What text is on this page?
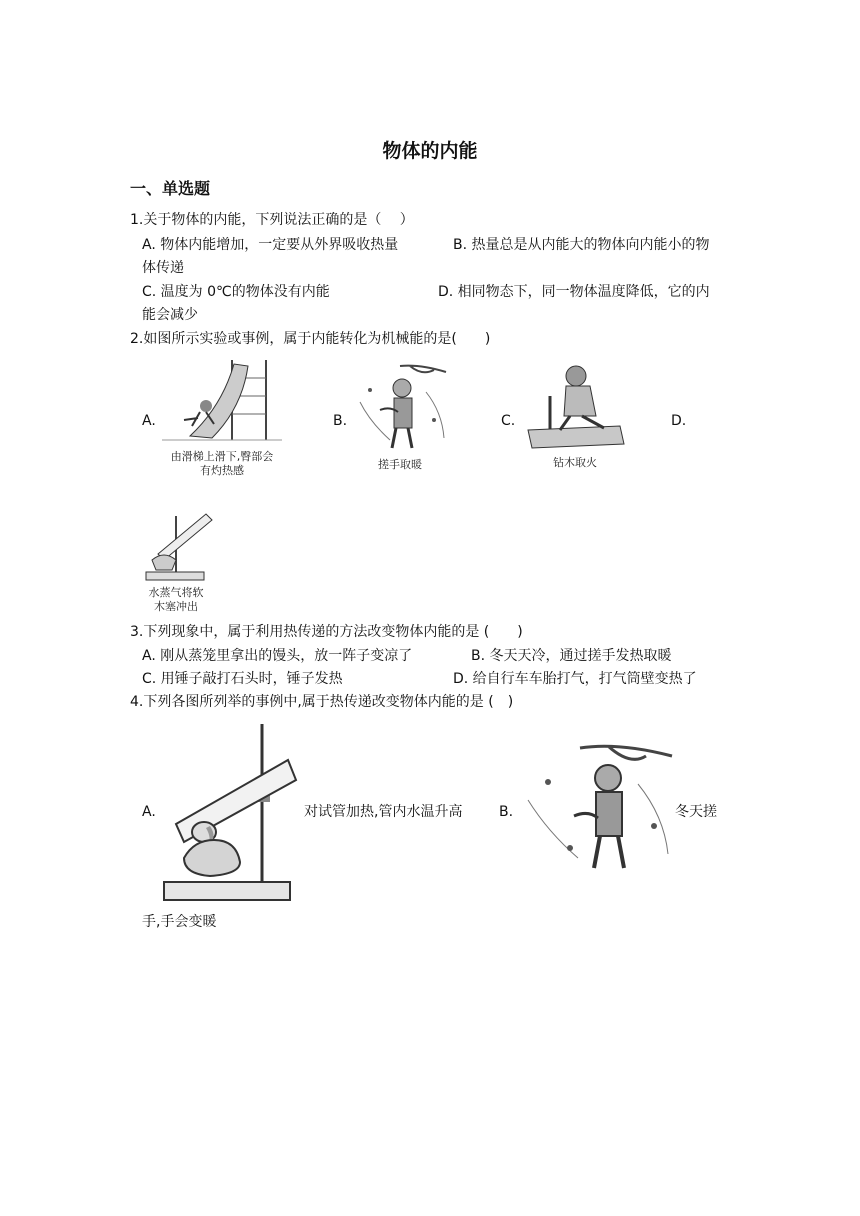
物体的内能
一、单选题
1.关于物体的内能，下列说法正确的是（　 ）
A. 物体内能增加，一定要从外界吸收热量	B. 热量总是从内能大的物体向内能小的物
体传递
C. 温度为 0℃的物体没有内能	D. 相同物态下，同一物体温度降低，它的内
能会减少
2.如图所示实验或事例，属于内能转化为机械能的是(　　)
A.
由滑梯上滑下,臀部会有灼热感
B.
搓手取暖
C.
钻木取火
D.
水蒸气将软木塞冲出
3.下列现象中，属于利用热传递的方法改变物体内能的是 (　　)
A. 刚从蒸笼里拿出的馒头，放一阵子变凉了	B. 冬天天冷，通过搓手发热取暖
C. 用锤子敲打石头时，锤子发热	D. 给自行车车胎打气，打气筒壁变热了
4.下列各图所列举的事例中,属于热传递改变物体内能的是 (　)
A.	对试管加热,管内水温升高	B.	冬天搓
手,手会变暖
